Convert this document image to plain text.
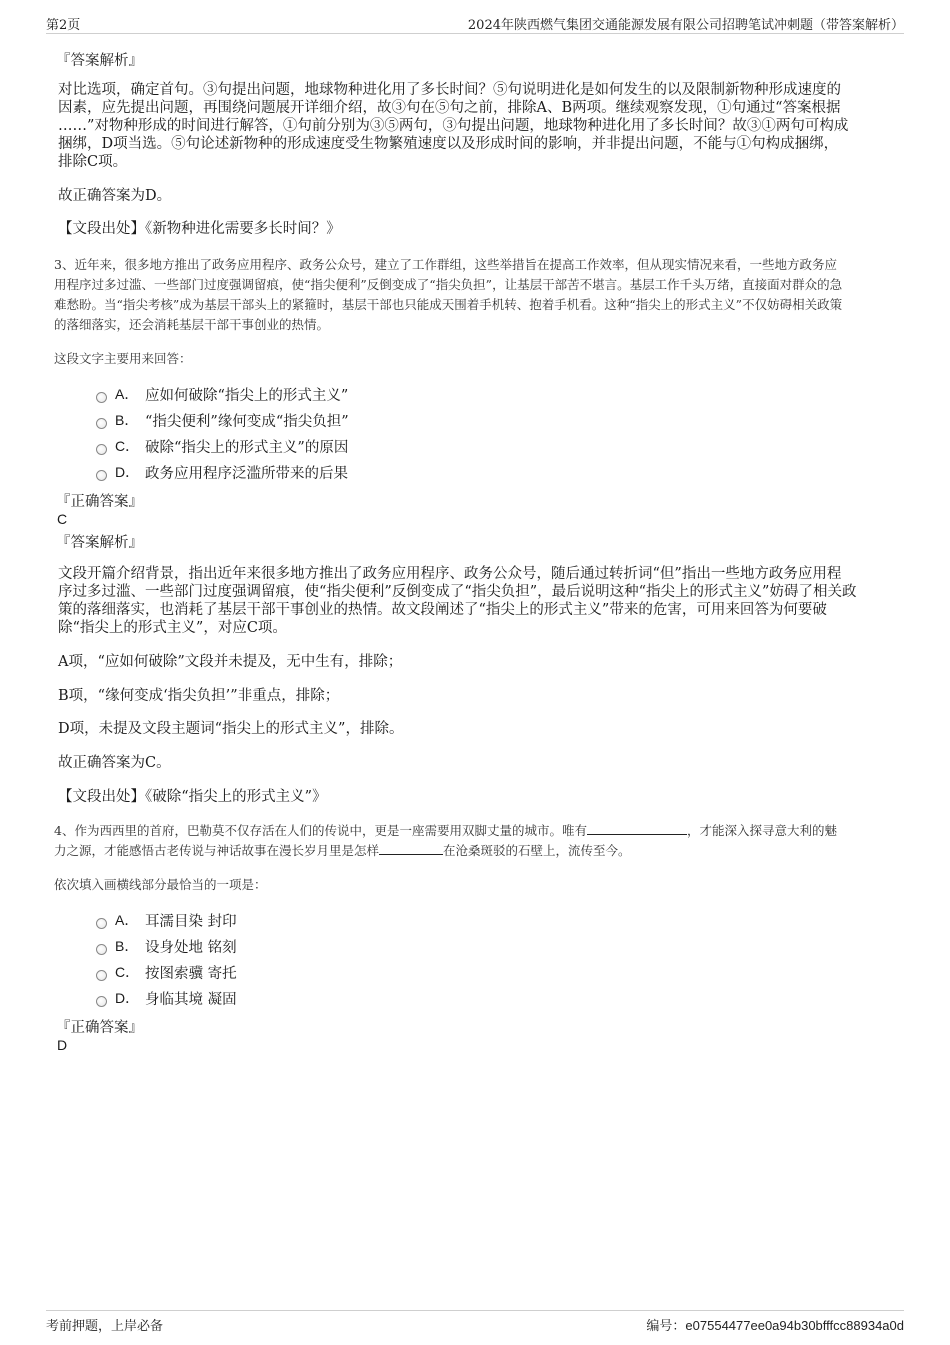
第2页	2024年陕西燃气集团交通能源发展有限公司招聘笔试冲刺题（带答案解析）
『答案解析』
对比选项，确定首句。③句提出问题，地球物种进化用了多长时间？⑤句说明进化是如何发生的以及限制新物种形成速度的
因素，应先提出问题，再围绕问题展开详细介绍，故③句在⑤句之前，排除A、B两项。继续观察发现，①句通过“答案根据
……”对物种形成的时间进行解答，①句前分别为③⑤两句，③句提出问题，地球物种进化用了多长时间？故③①两句可构成
捆绑，D项当选。⑤句论述新物种的形成速度受生物繁殖速度以及形成时间的影响，并非提出问题，不能与①句构成捆绑，
排除C项。
故正确答案为D。
【文段出处】《新物种进化需要多长时间？》
3、近年来，很多地方推出了政务应用程序、政务公众号，建立了工作群组，这些举措旨在提高工作效率，但从现实情况来看，一些地方政务应
用程序过多过滥、一些部门过度强调留痕，使“指尖便利”反倒变成了“指尖负担”，让基层干部苦不堪言。基层工作千头万绪，直接面对群众的急
难愁盼。当“指尖考核”成为基层干部头上的紧箍时，基层干部也只能成天围着手机转、抱着手机看。这种“指尖上的形式主义”不仅妨碍相关政策
的落细落实，还会消耗基层干部干事创业的热情。
这段文字主要用来回答：
A． 应如何破除“指尖上的形式主义”
B． “指尖便利”缘何变成“指尖负担”
C． 破除“指尖上的形式主义”的原因
D． 政务应用程序泛滥所带来的后果
『正确答案』
C
『答案解析』
文段开篇介绍背景，指出近年来很多地方推出了政务应用程序、政务公众号，随后通过转折词“但”指出一些地方政务应用程
序过多过滥、一些部门过度强调留痕，使“指尖便利”反倒变成了“指尖负担”，最后说明这种“指尖上的形式主义”妨碍了相关政
策的落细落实，也消耗了基层干部干事创业的热情。故文段阐述了“指尖上的形式主义”带来的危害，可用来回答为何要破
除“指尖上的形式主义”，对应C项。
A项，“应如何破除”文段并未提及，无中生有，排除；
B项，“缘何变成‘指尖负担’”非重点，排除；
D项，未提及文段主题词“指尖上的形式主义”，排除。
故正确答案为C。
【文段出处】《破除“指尖上的形式主义”》
4、作为西西里的首府，巴勒莫不仅存活在人们的传说中，更是一座需要用双脚丈量的城市。唯有	，才能深入探寻意大利的魅
力之源，才能感悟古老传说与神话故事在漫长岁月里是怎样	在沧桑斑驳的石壁上，流传至今。
依次填入画横线部分最恰当的一项是：
A． 耳濡目染 封印
B． 设身处地 铭刻
C． 按图索骥 寄托
D． 身临其境 凝固
『正确答案』
D
考前押题，上岸必备	编号：e07554477ee0a94b30bfffcc88934a0d
